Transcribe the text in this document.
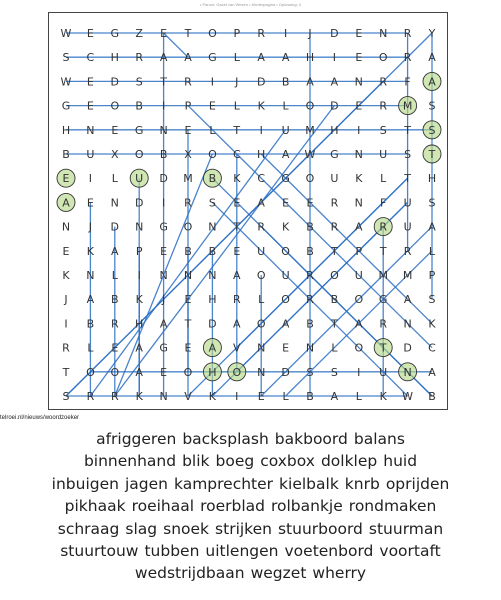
• Parool: Gazet van Wezen • Kinderpagina • Oplossing: 4
W E G Z E T O P R I J D E N R Y
S C H R A A G L A A H I E O R A
W E D S T R I J D B A A N R F A
G E O B I P E L K L O D E R M S
H N E G N E L T I U M H I S T S
B U X O B X O C H A W G N U S T
E I L U D M B K C G O U K L T H
A E N D I R S E A E E R N F U S
N J D N G O N T R K B R A R U A
E K A P E B B E U O B T P T R L
K N L I N N N A O U R O U M M P
J A B K J E H R L O R B O G A S
I B R H A T D A O A B T A R N K
R L E A G E A V N E N L O T D C
T O O A E O H O N D S S I U N A
S R R K N V K I E L B A L K W B
telroei.nl/nieuws/woordzoeker
afriggeren backsplash bakboord balans
binnenhand blik boeg coxbox dolklep huid
inbuigen jagen kamprechter kielbalk knrb oprijden
pikhaak roeihaal roerblad rolbankje rondmaken
schraag slag snoek strijken stuurboord stuurman
stuurtouw tubben uitlengen voetenbord voortaft
wedstrijdbaan wegzet wherry
